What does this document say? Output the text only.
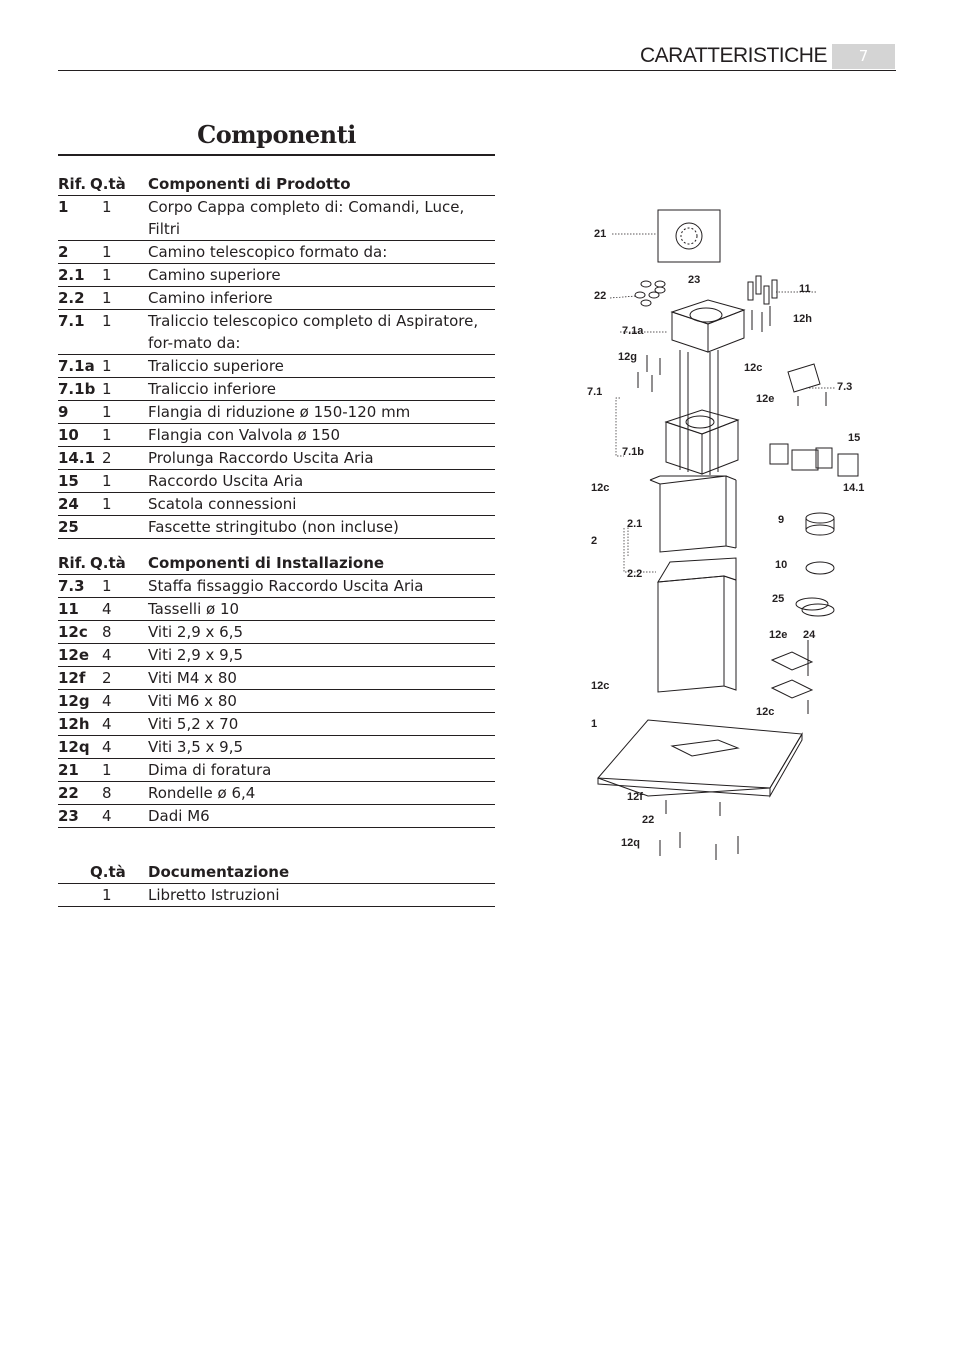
CARATTERISTICHE	7
Componenti
Rif. Q.tà	Componenti di Prodotto
1	1	Corpo Cappa completo di: Comandi, Luce, Filtri
2	1	Camino telescopico formato da:
2.1	1	Camino superiore
2.2	1	Camino inferiore
7.1	1	Traliccio telescopico completo di Aspiratore, for-mato da:
7.1a 1	Traliccio superiore
7.1b 1	Traliccio inferiore
9	1	Flangia di riduzione ø 150-120 mm
10	1	Flangia con Valvola ø 150
14.1 2	Prolunga Raccordo Uscita Aria
15	1	Raccordo Uscita Aria
24	1	Scatola connessioni
25	Fascette stringitubo (non incluse)
Rif. Q.tà	Componenti di Installazione
7.3	1	Staffa fissaggio Raccordo Uscita Aria
11	4	Tasselli ø 10
12c 8	Viti 2,9 x 6,5
12e 4	Viti 2,9 x 9,5
12f	2	Viti M4 x 80
12g 4	Viti M6 x 80
12h 4	Viti 5,2 x 70
12q 4	Viti 3,5 x 9,5
21	1	Dima di foratura
22	8	Rondelle ø 6,4
23	4	Dadi M6
Q.tà	Documentazione
1	Libretto Istruzioni
21
23
22
11
12h
7.1a
12g
7.1
12c
7.3
12e
15
7.1b
14.1
12c
2.1	9
2
10
2.2
25
12e 24
12c
12c
1
12f
22
12q
